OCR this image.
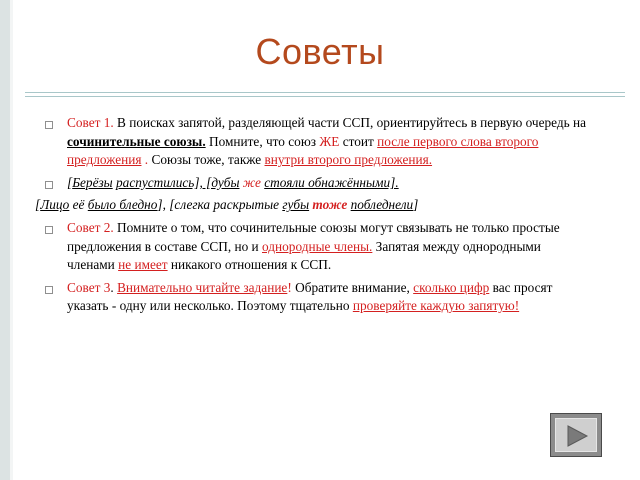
Советы
Совет 1. В поисках запятой, разделяющей части ССП, ориентируйтесь в первую очередь на сочинительные союзы. Помните, что союз ЖЕ стоит после первого слова второго предложения . Союзы тоже, также внутри второго предложения.
[Берёзы распустились], [дубы же стояли обнажёнными].
[Лицо её было бледно], [слегка раскрытые губы тоже побледнели]
Совет 2. Помните о том, что сочинительные союзы могут связывать не только простые предложения в составе ССП, но и однородные члены. Запятая между однородными членами не имеет никакого отношения к ССП.
Совет 3. Внимательно читайте задание! Обратите внимание, сколько цифр вас просят указать - одну или несколько. Поэтому тщательно проверяйте каждую запятую!
